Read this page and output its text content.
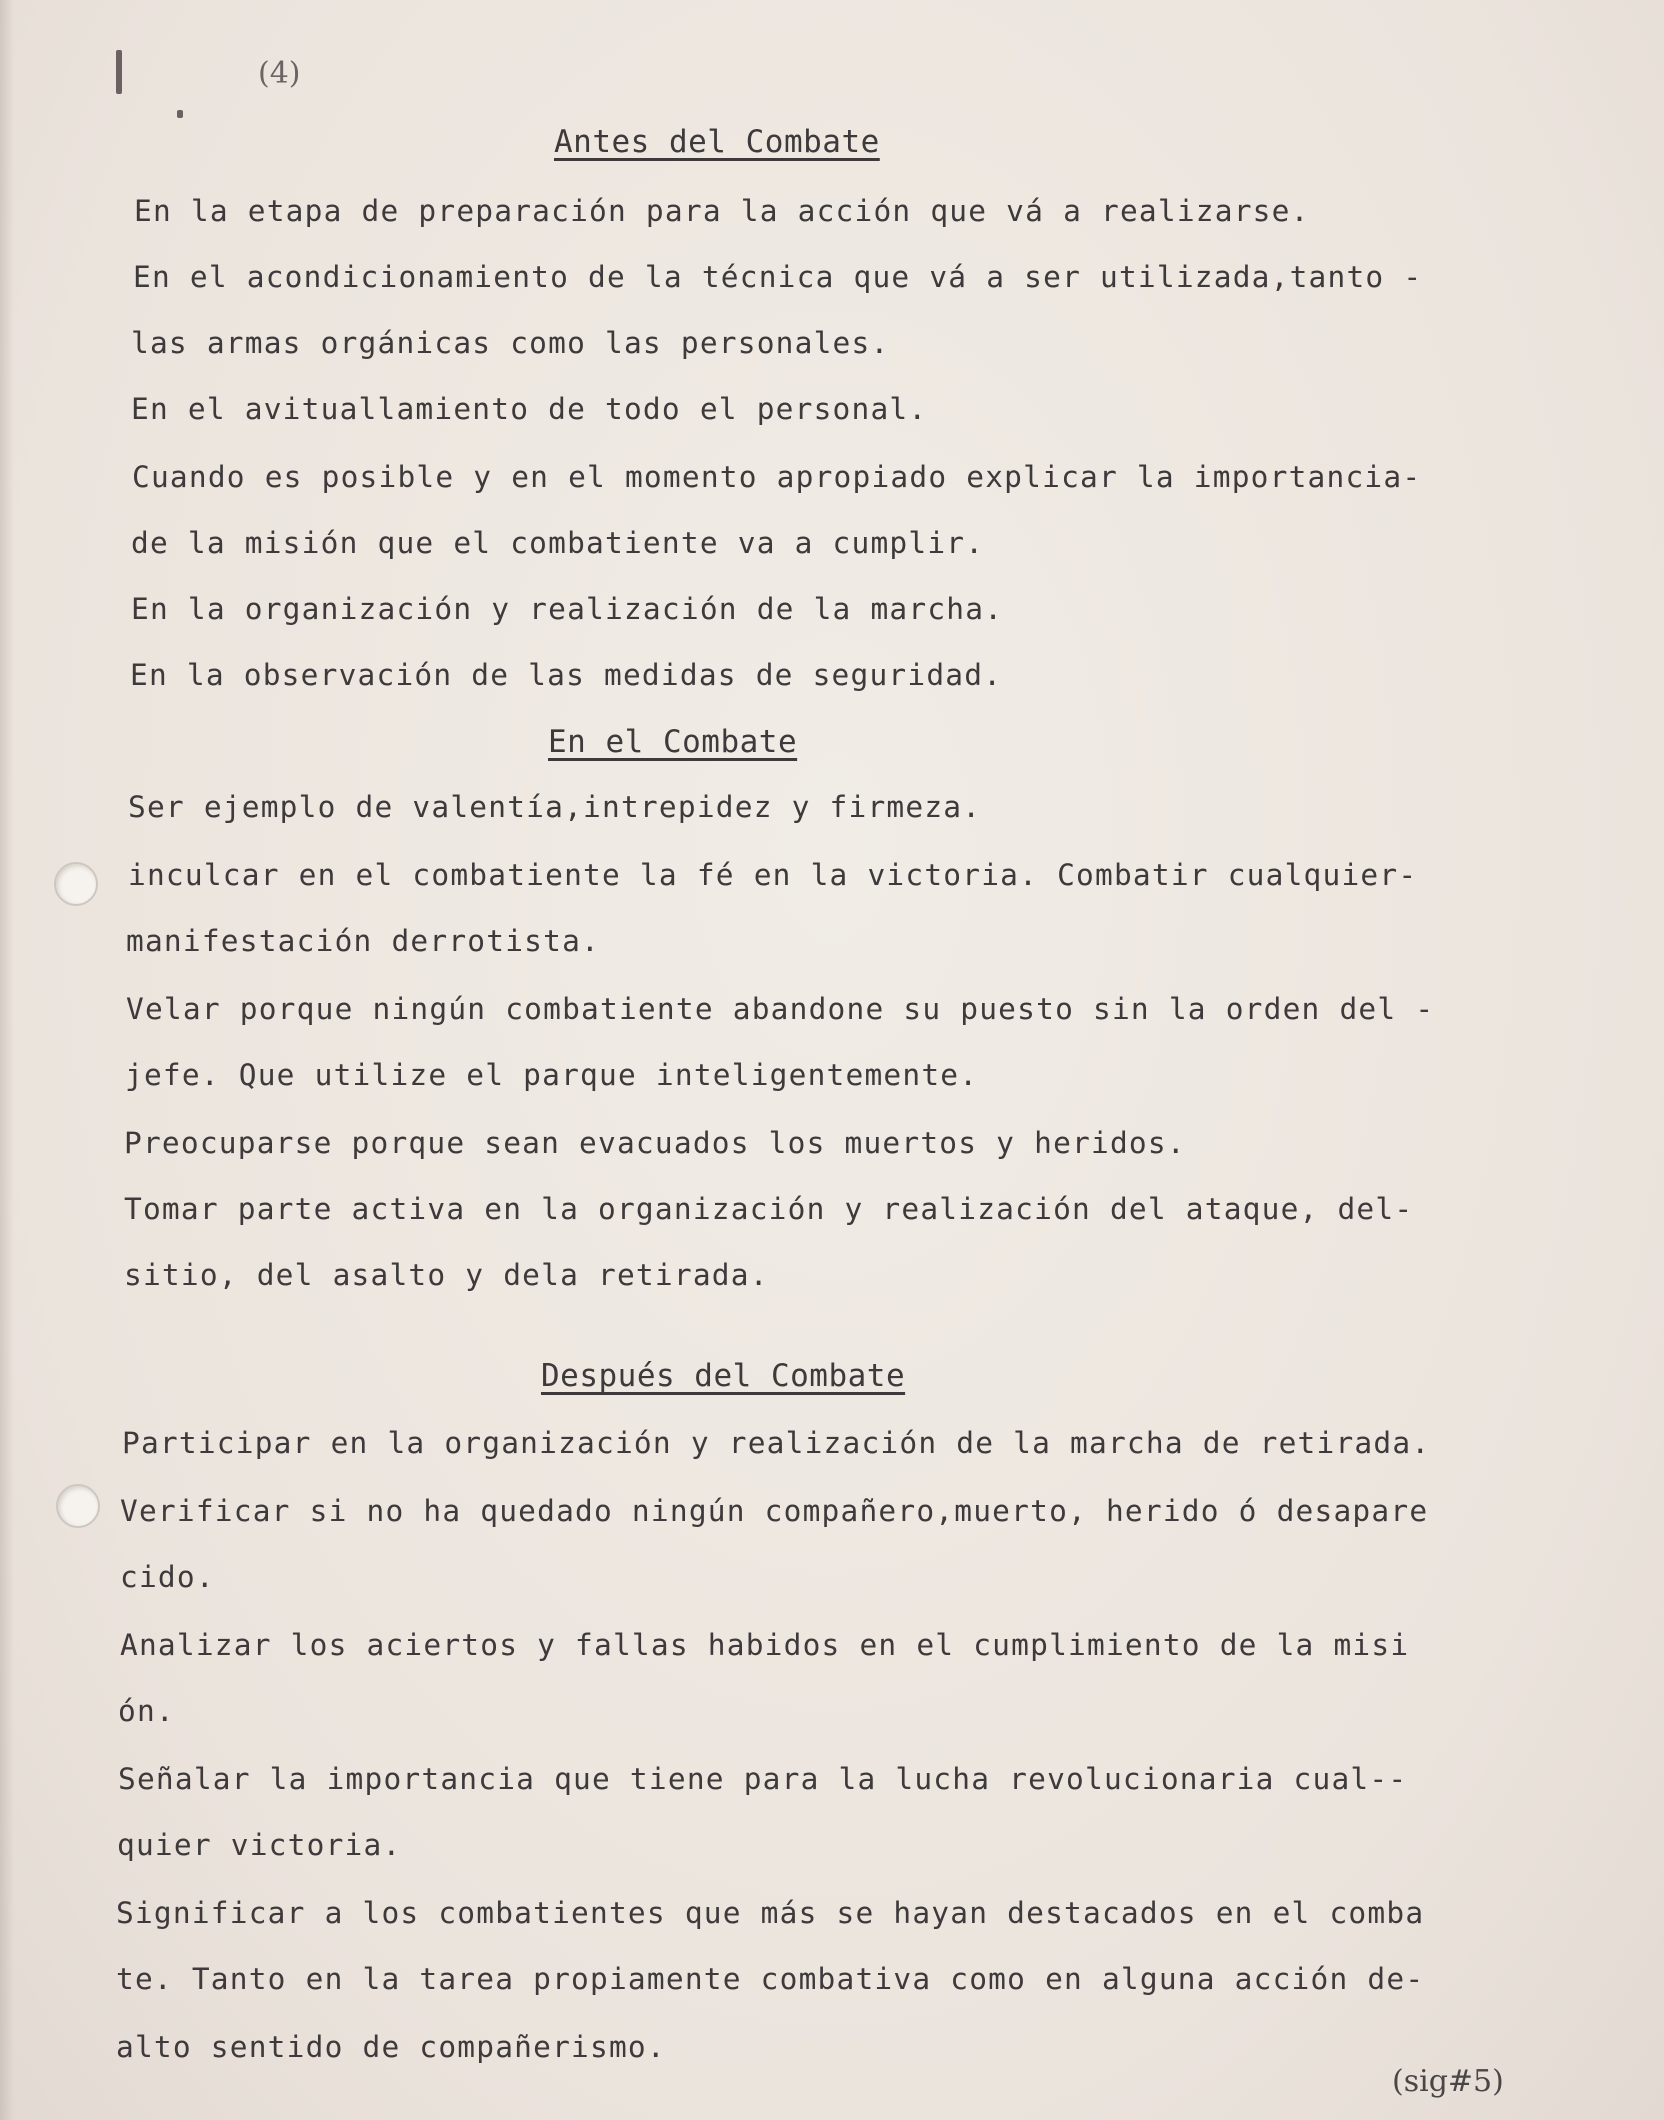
(4)
Antes del Combate
En la etapa de preparación para la acción que vá a realizarse.
En el acondicionamiento de la técnica que vá a ser utilizada,tanto -
las armas orgánicas como las personales.
En el avituallamiento de todo el personal.
Cuando es posible y en el momento apropiado explicar la importancia-
de la misión que el combatiente va a cumplir.
En la organización y realización de la marcha.
En la observación de las medidas de seguridad.
En el Combate
Ser ejemplo de valentía,intrepidez y firmeza.
inculcar en el combatiente la fé en la victoria. Combatir cualquier-
manifestación derrotista.
Velar porque ningún combatiente abandone su puesto sin la orden del -
jefe. Que utilize el parque inteligentemente.
Preocuparse porque sean evacuados los muertos y heridos.
Tomar parte activa en la organización y realización del ataque, del-
sitio, del asalto y dela retirada.
Después del Combate
Participar en la organización y realización de la marcha de retirada.
Verificar si no ha quedado ningún compañero,muerto, herido ó desapare
cido.
Analizar los aciertos y fallas habidos en el cumplimiento de la misi
ón.
Señalar la importancia que tiene para la lucha revolucionaria cual--
quier victoria.
Significar a los combatientes que más se hayan destacados en el comba
te. Tanto en la tarea propiamente combativa como en alguna acción de-
alto sentido de compañerismo.
(sig#5)
